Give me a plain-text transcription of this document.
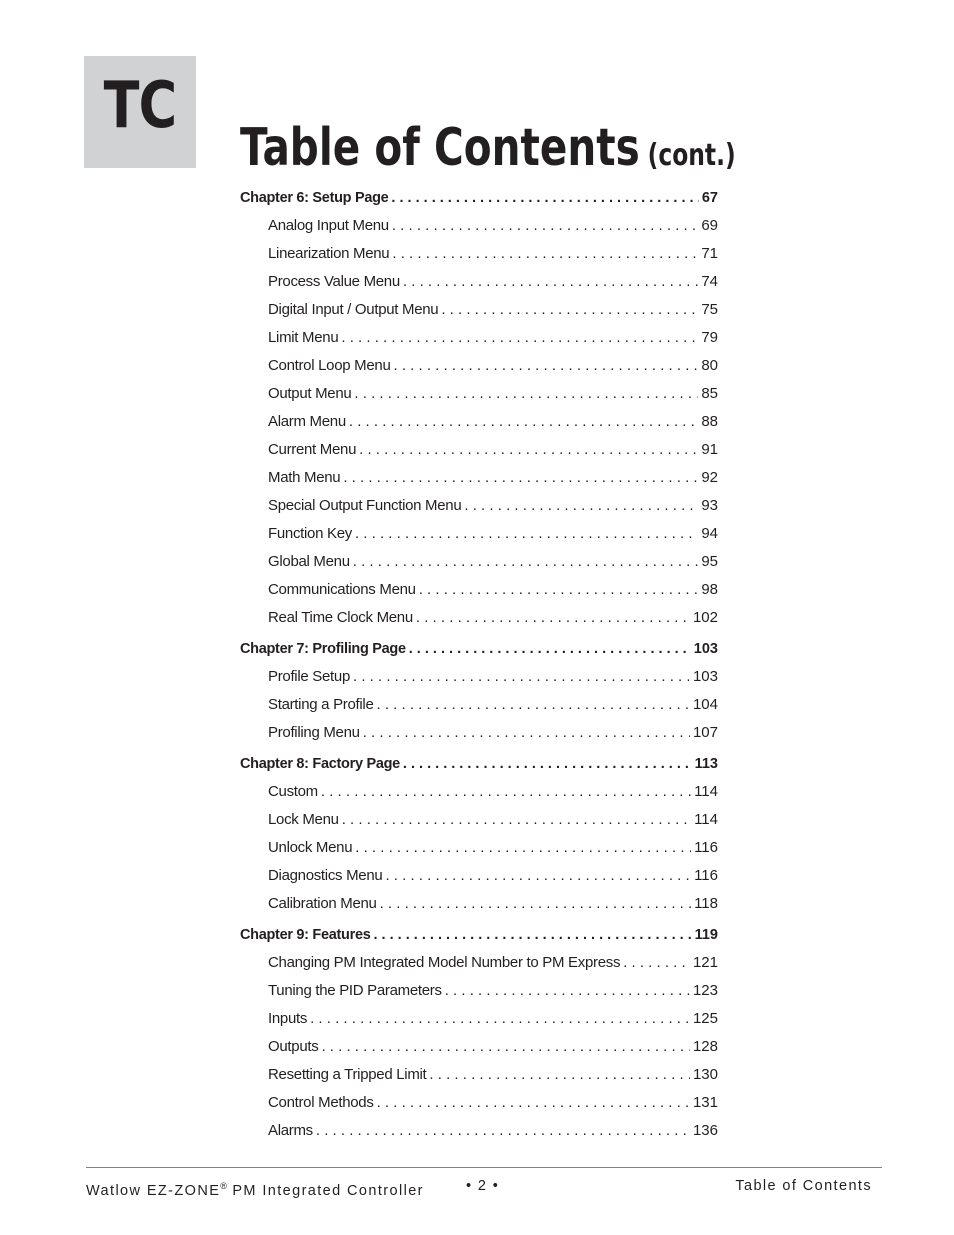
TC
Table of Contents (cont.)
Chapter 6: Setup Page . . .	67
Analog Input Menu . . .	69
Linearization Menu . . .	71
Process Value Menu . . .	74
Digital Input / Output Menu . . .	75
Limit Menu . . .	79
Control Loop Menu . . .	80
Output Menu . . .	85
Alarm Menu . . .	88
Current Menu . . .	91
Math Menu . . .	92
Special Output Function Menu . . .	93
Function Key . . .	94
Global Menu . . .	95
Communications Menu . . .	98
Real Time Clock Menu . . .	102
Chapter 7: Profiling Page . . .	103
Profile Setup . . .	103
Starting a Profile . . .	104
Profiling Menu . . .	107
Chapter 8: Factory Page . . .	113
Custom . . .	114
Lock Menu . . .	114
Unlock Menu . . .	116
Diagnostics Menu . . .	116
Calibration Menu . . .	118
Chapter 9: Features . . .	119
Changing PM Integrated Model Number to PM Express . . .	121
Tuning the PID Parameters . . .	123
Inputs . . .	125
Outputs . . .	128
Resetting a Tripped Limit . . .	130
Control Methods . . .	131
Alarms . . .	136
Watlow EZ-ZONE® PM Integrated Controller	• 2 •	Table of Contents
